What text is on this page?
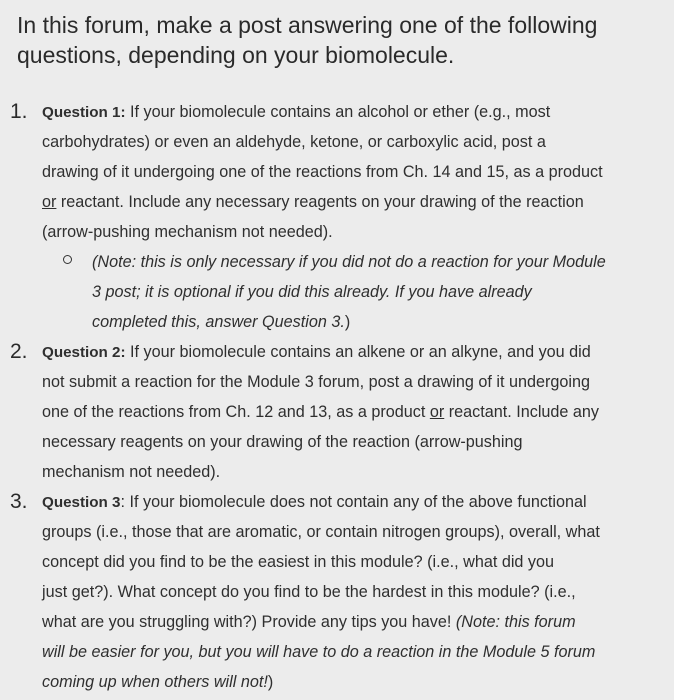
In this forum, make a post answering one of the following
questions, depending on your biomolecule.
1. Question 1: If your biomolecule contains an alcohol or ether (e.g., most
carbohydrates) or even an aldehyde, ketone, or carboxylic acid, post a
drawing of it undergoing one of the reactions from Ch. 14 and 15, as a product
or reactant. Include any necessary reagents on your drawing of the reaction
(arrow-pushing mechanism not needed).
(Note: this is only necessary if you did not do a reaction for your Module
3 post; it is optional if you did this already. If you have already
completed this, answer Question 3.)
2. Question 2: If your biomolecule contains an alkene or an alkyne, and you did
not submit a reaction for the Module 3 forum, post a drawing of it undergoing
one of the reactions from Ch. 12 and 13, as a product or reactant. Include any
necessary reagents on your drawing of the reaction (arrow-pushing
mechanism not needed).
3. Question 3: If your biomolecule does not contain any of the above functional
groups (i.e., those that are aromatic, or contain nitrogen groups), overall, what
concept did you find to be the easiest in this module? (i.e., what did you
just get?). What concept do you find to be the hardest in this module? (i.e.,
what are you struggling with?) Provide any tips you have! (Note: this forum
will be easier for you, but you will have to do a reaction in the Module 5 forum
coming up when others will not!)
